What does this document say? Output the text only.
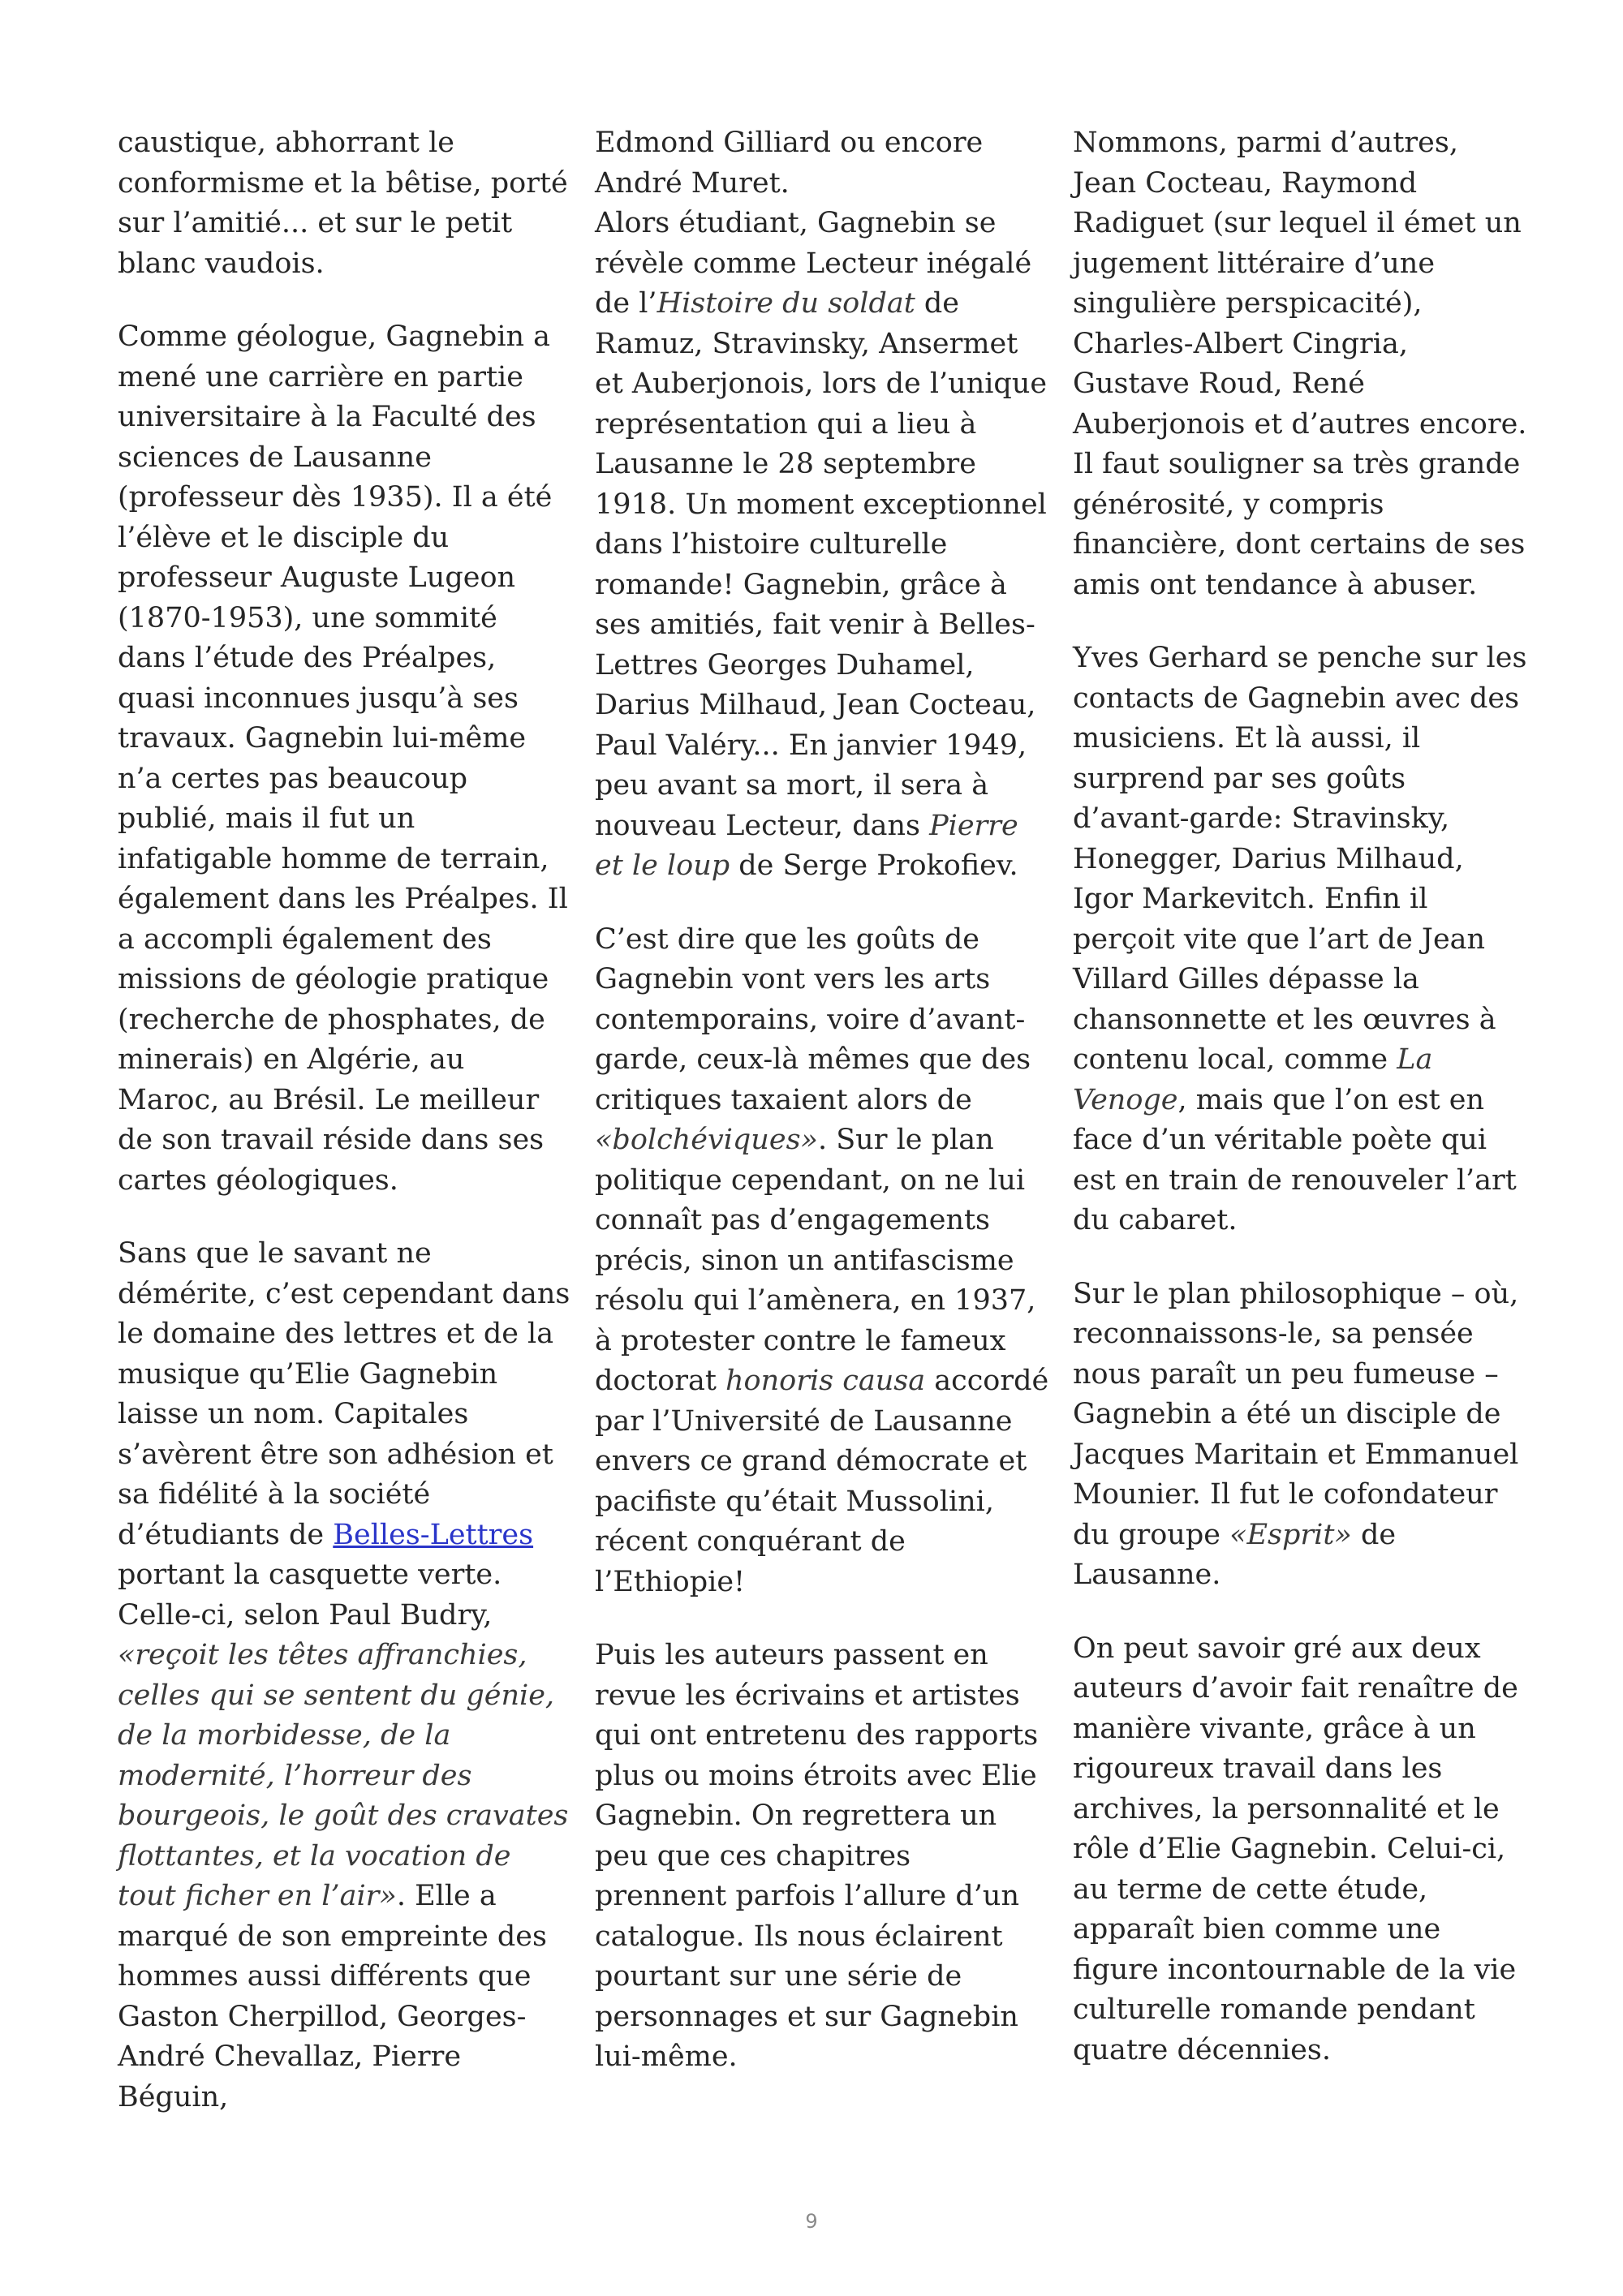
caustique, abhorrant le conformisme et la bêtise, porté sur l’amitié... et sur le petit blanc vaudois.

Comme géologue, Gagnebin a mené une carrière en partie universitaire à la Faculté des sciences de Lausanne (professeur dès 1935). Il a été l’élève et le disciple du professeur Auguste Lugeon (1870-1953), une sommité dans l’étude des Préalpes, quasi inconnues jusqu’à ses travaux. Gagnebin lui-même n’a certes pas beaucoup publié, mais il fut un infatigable homme de terrain, également dans les Préalpes. Il a accompli également des missions de géologie pratique (recherche de phosphates, de minerais) en Algérie, au Maroc, au Brésil. Le meilleur de son travail réside dans ses cartes géologiques.

Sans que le savant ne démérite, c’est cependant dans le domaine des lettres et de la musique qu’Elie Gagnebin laisse un nom. Capitales s’avèrent être son adhésion et sa fidélité à la société d’étudiants de Belles-Lettres portant la casquette verte. Celle-ci, selon Paul Budry, «reçoit les têtes affranchies, celles qui se sentent du génie, de la morbidesse, de la modernité, l’horreur des bourgeois, le goût des cravates flottantes, et la vocation de tout ficher en l’air». Elle a marqué de son empreinte des hommes aussi différents que Gaston Cherpillod, Georges-André Chevallaz, Pierre Béguin,

Edmond Gilliard ou encore André Muret.

Alors étudiant, Gagnebin se révèle comme Lecteur inégalé de l’Histoire du soldat de Ramuz, Stravinsky, Ansermet et Auberjonois, lors de l’unique représentation qui a lieu à Lausanne le 28 septembre 1918. Un moment exceptionnel dans l’histoire culturelle romande! Gagnebin, grâce à ses amitiés, fait venir à Belles-Lettres Georges Duhamel, Darius Milhaud, Jean Cocteau, Paul Valéry... En janvier 1949, peu avant sa mort, il sera à nouveau Lecteur, dans Pierre et le loup de Serge Prokofiev.

C’est dire que les goûts de Gagnebin vont vers les arts contemporains, voire d’avant-garde, ceux-là mêmes que des critiques taxaient alors de «bolchéviques». Sur le plan politique cependant, on ne lui connaît pas d’engagements précis, sinon un antifascisme résolu qui l’amènera, en 1937, à protester contre le fameux doctorat honoris causa accordé par l’Université de Lausanne envers ce grand démocrate et pacifiste qu’était Mussolini, récent conquérant de l’Ethiopie!

Puis les auteurs passent en revue les écrivains et artistes qui ont entretenu des rapports plus ou moins étroits avec Elie Gagnebin. On regrettera un peu que ces chapitres prennent parfois l’allure d’un catalogue. Ils nous éclairent pourtant sur une série de personnages et sur Gagnebin lui-même.

Nommons, parmi d’autres, Jean Cocteau, Raymond Radiguet (sur lequel il émet un jugement littéraire d’une singulière perspicacité), Charles-Albert Cingria, Gustave Roud, René Auberjonois et d’autres encore. Il faut souligner sa très grande générosité, y compris financière, dont certains de ses amis ont tendance à abuser.

Yves Gerhard se penche sur les contacts de Gagnebin avec des musiciens. Et là aussi, il surprend par ses goûts d’avant-garde: Stravinsky, Honegger, Darius Milhaud, Igor Markevitch. Enfin il perçoit vite que l’art de Jean Villard Gilles dépasse la chansonnette et les œuvres à contenu local, comme La Venoge, mais que l’on est en face d’un véritable poète qui est en train de renouveler l’art du cabaret.

Sur le plan philosophique – où, reconnaissons-le, sa pensée nous paraît un peu fumeuse – Gagnebin a été un disciple de Jacques Maritain et Emmanuel Mounier. Il fut le cofondateur du groupe «Esprit» de Lausanne.

On peut savoir gré aux deux auteurs d’avoir fait renaître de manière vivante, grâce à un rigoureux travail dans les archives, la personnalité et le rôle d’Elie Gagnebin. Celui-ci, au terme de cette étude, apparaît bien comme une figure incontournable de la vie culturelle romande pendant quatre décennies.

9
